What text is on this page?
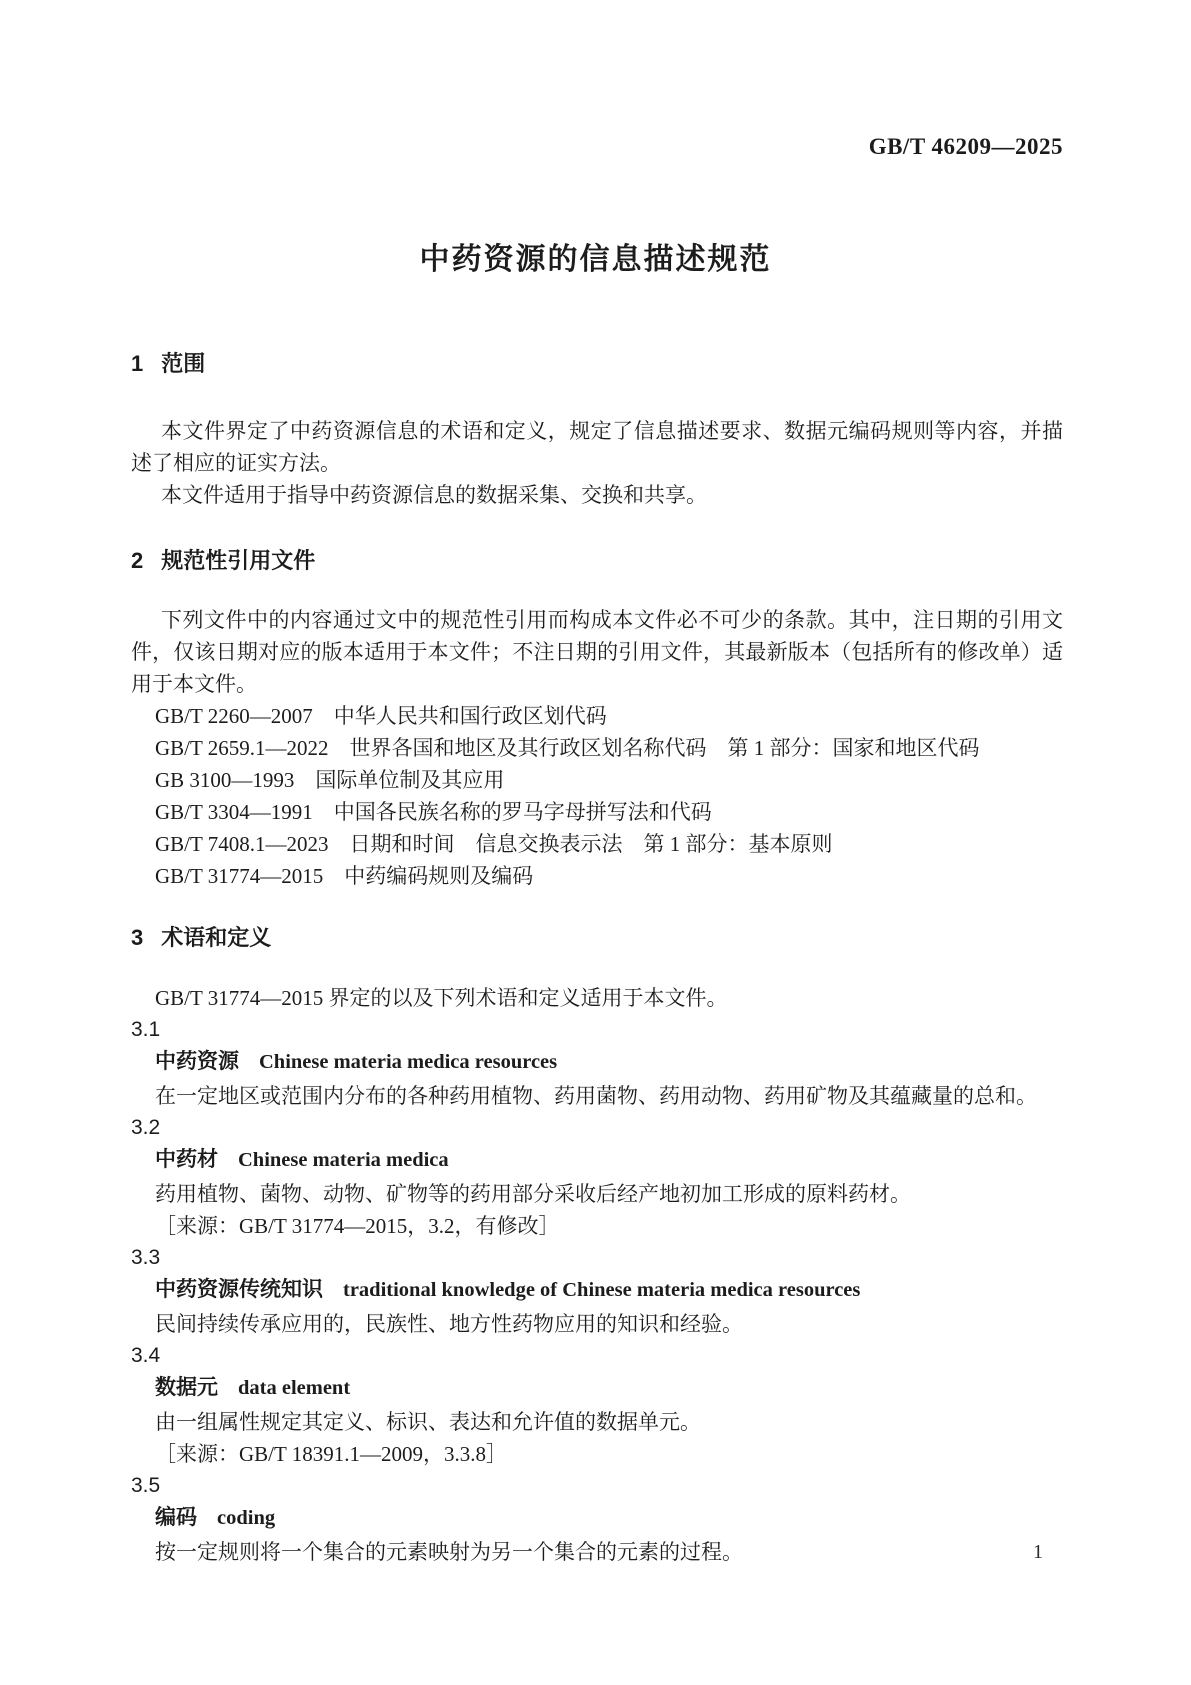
GB/T 46209—2025
中药资源的信息描述规范
1 范围

本文件界定了中药资源信息的术语和定义，规定了信息描述要求、数据元编码规则等内容，并描述了相应的证实方法。

本文件适用于指导中药资源信息的数据采集、交换和共享。

2 规范性引用文件

下列文件中的内容通过文中的规范性引用而构成本文件必不可少的条款。其中，注日期的引用文件，仅该日期对应的版本适用于本文件；不注日期的引用文件，其最新版本（包括所有的修改单）适用于本文件。

GB/T 2260—2007　中华人民共和国行政区划代码
GB/T 2659.1—2022　世界各国和地区及其行政区划名称代码　第 1 部分：国家和地区代码
GB 3100—1993　国际单位制及其应用
GB/T 3304—1991　中国各民族名称的罗马字母拼写法和代码
GB/T 7408.1—2023　日期和时间　信息交换表示法　第 1 部分：基本原则
GB/T 31774—2015　中药编码规则及编码
3 术语和定义

GB/T 31774—2015 界定的以及下列术语和定义适用于本文件。

3.1
中药资源 Chinese materia medica resources
在一定地区或范围内分布的各种药用植物、药用菌物、药用动物、药用矿物及其蕴藏量的总和。
3.2
中药材 Chinese materia medica
药用植物、菌物、动物、矿物等的药用部分采收后经产地初加工形成的原料药材。
［来源：GB/T 31774—2015，3.2，有修改］
3.3
中药资源传统知识 traditional knowledge of Chinese materia medica resources
民间持续传承应用的，民族性、地方性药物应用的知识和经验。
3.4
数据元 data element
由一组属性规定其定义、标识、表达和允许值的数据单元。
［来源：GB/T 18391.1—2009，3.3.8］
3.5
编码 coding
按一定规则将一个集合的元素映射为另一个集合的元素的过程。	1
